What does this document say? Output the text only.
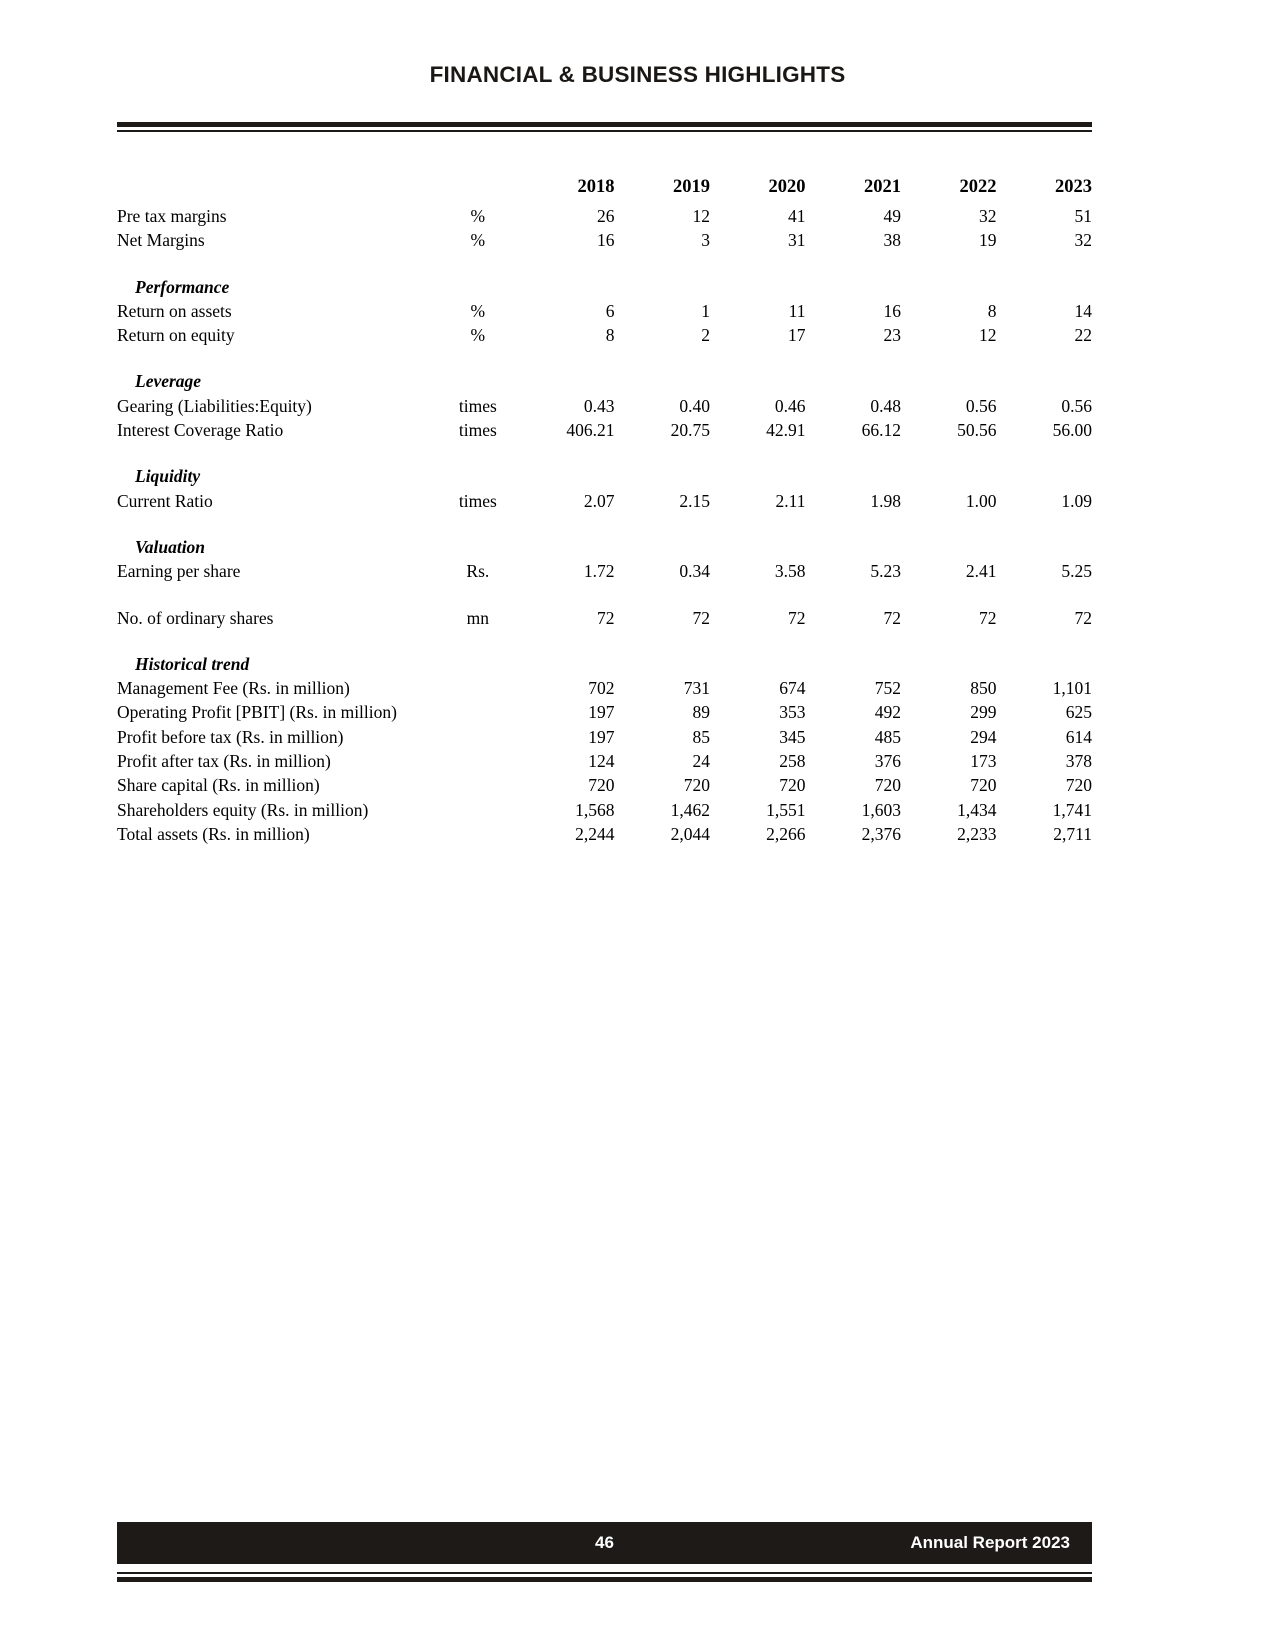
FINANCIAL & BUSINESS HIGHLIGHTS
		2018	2019	2020	2021	2022	2023
Pre tax margins	%	26	12	41	49	32	51
Net Margins	%	16	3	31	38	19	32

Performance							
Return on assets	%	6	1	11	16	8	14
Return on equity	%	8	2	17	23	12	22

Leverage							
Gearing (Liabilities:Equity)	times	0.43	0.40	0.46	0.48	0.56	0.56
Interest Coverage Ratio	times	406.21	20.75	42.91	66.12	50.56	56.00

Liquidity							
Current Ratio	times	2.07	2.15	2.11	1.98	1.00	1.09

Valuation							
Earning per share	Rs.	1.72	0.34	3.58	5.23	2.41	5.25

No. of ordinary shares	mn	72	72	72	72	72	72

Historical trend							
Management Fee (Rs. in million)		702	731	674	752	850	1,101
Operating Profit [PBIT] (Rs. in million)		197	89	353	492	299	625
Profit before tax (Rs. in million)		197	85	345	485	294	614
Profit after tax (Rs. in million)		124	24	258	376	173	378
Share capital (Rs. in million)		720	720	720	720	720	720
Shareholders equity (Rs. in million)		1,568	1,462	1,551	1,603	1,434	1,741
Total assets (Rs. in million)		2,244	2,044	2,266	2,376	2,233	2,711
46	Annual Report 2023
